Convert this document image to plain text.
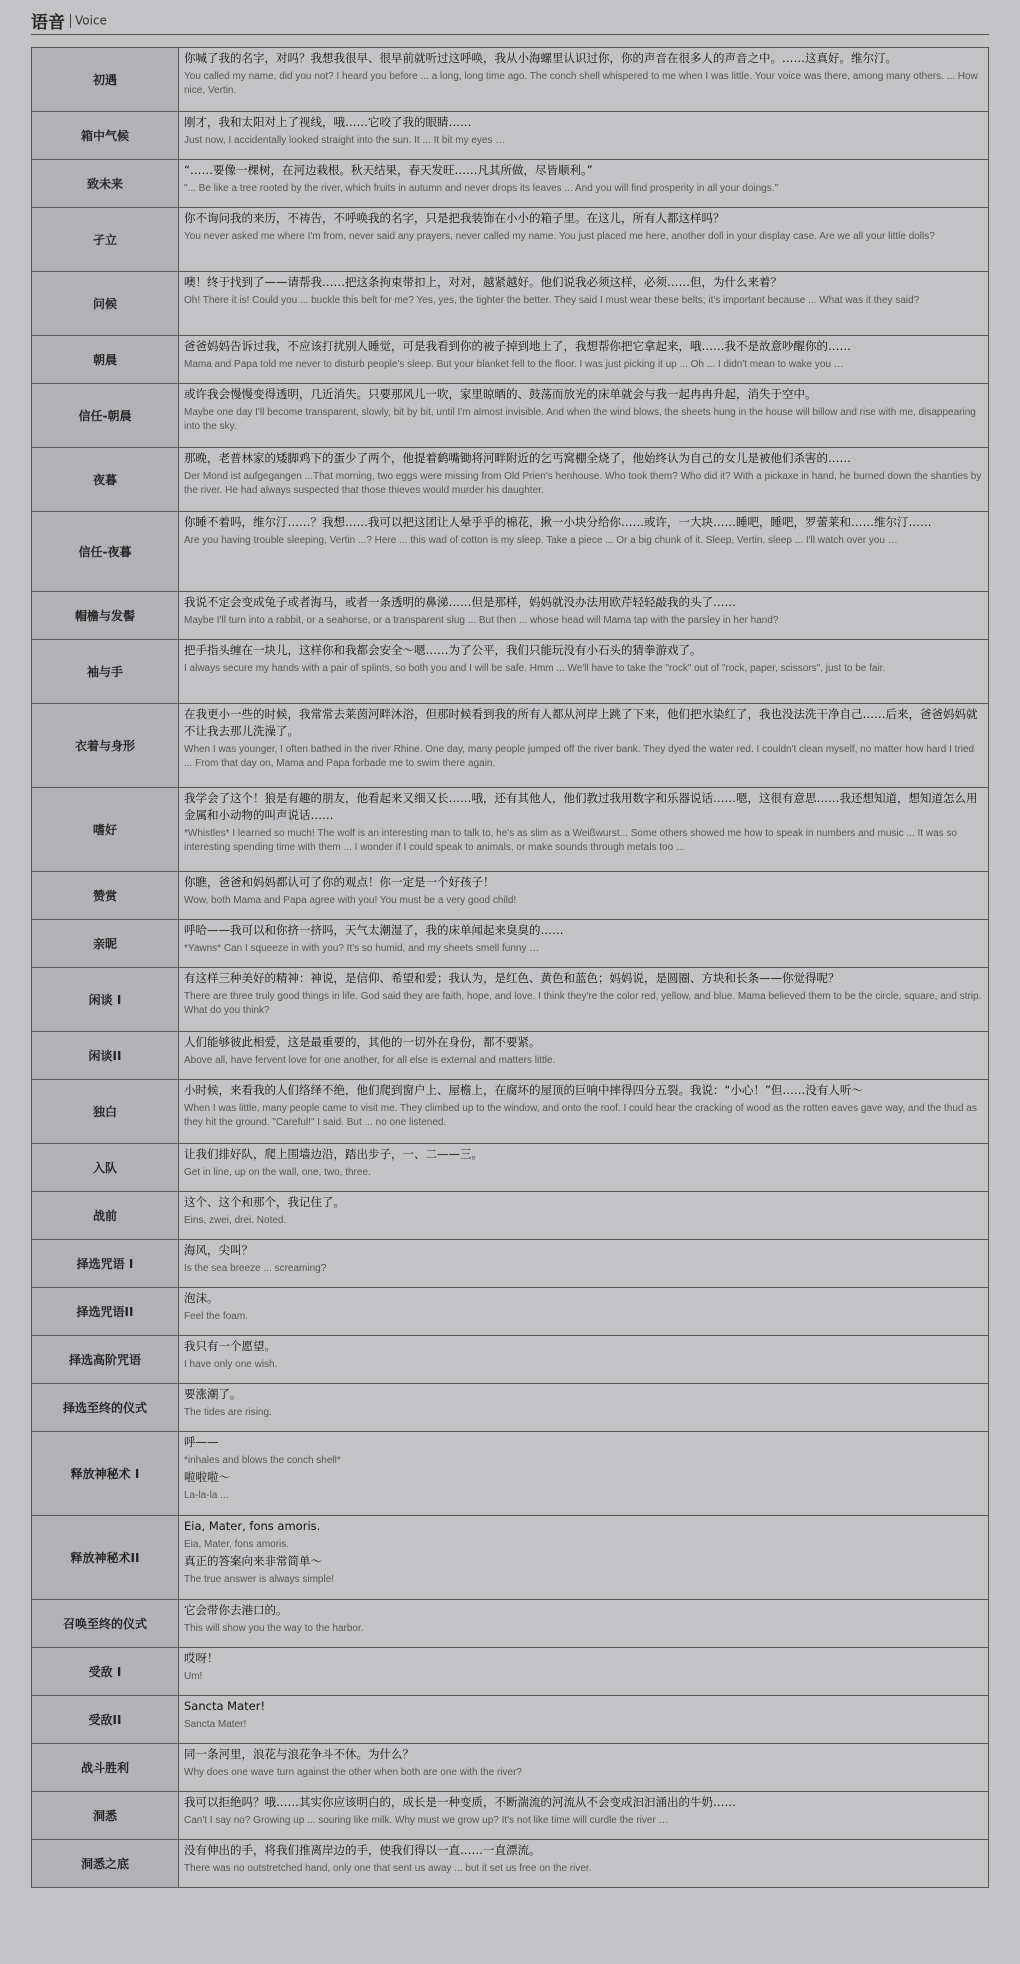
语音 Voice
初遇	你喊了我的名字，对吗？我想我很早、很早前就听过这呼唤，我从小海螺里认识过你，你的声音在很多人的声音之中。……这真好。维尔汀。
You called my name, did you not? I heard you before ... a long, long time ago. The conch shell whispered to me when I was little. Your voice was there, among many others. ... How nice, Vertin.

箱中气候	刚才，我和太阳对上了视线，哦……它咬了我的眼睛……
Just now, I accidentally looked straight into the sun. It ... It bit my eyes …

致未来	“……要像一棵树，在河边栽根。秋天结果，春天发旺……凡其所做，尽皆顺利。”
"... Be like a tree rooted by the river, which fruits in autumn and never drops its leaves ... And you will find prosperity in all your doings."

孑立	你不询问我的来历，不祷告，不呼唤我的名字，只是把我装饰在小小的箱子里。在这儿，所有人都这样吗？
You never asked me where I'm from, never said any prayers, never called my name. You just placed me here, another doll in your display case. Are we all your little dolls?

问候	噢！终于找到了——请帮我……把这条拘束带扣上，对对，越紧越好。他们说我必须这样，必须……但，为什么来着？
Oh! There it is! Could you ... buckle this belt for me? Yes, yes, the tighter the better. They said I must wear these belts; it's important because ... What was it they said?

朝晨	爸爸妈妈告诉过我，不应该打扰别人睡觉，可是我看到你的被子掉到地上了，我想帮你把它拿起来，哦……我不是故意吵醒你的……
Mama and Papa told me never to disturb people's sleep. But your blanket fell to the floor. I was just picking it up ... Oh ... I didn't mean to wake you …

信任-朝晨	或许我会慢慢变得透明，几近消失。只要那风儿一吹，家里晾晒的、鼓荡而放光的床单就会与我一起冉冉升起，消失于空中。
Maybe one day I'll become transparent, slowly, bit by bit, until I'm almost invisible. And when the wind blows, the sheets hung in the house will billow and rise with me, disappearing into the sky.

夜暮	那晚，老普林家的矮脚鸡下的蛋少了两个，他提着鹤嘴锄将河畔附近的乞丐窝棚全烧了，他始终认为自己的女儿是被他们杀害的……
Der Mond ist aufgegangen ...That morning, two eggs were missing from Old Prien's henhouse. Who took them? Who did it? With a pickaxe in hand, he burned down the shanties by the river. He had always suspected that those thieves would murder his daughter.

信任-夜暮	你睡不着吗，维尔汀……？我想……我可以把这团让人晕乎乎的棉花，揪一小块分给你……或许，一大块……睡吧，睡吧，罗蕾莱和……维尔汀……
Are you having trouble sleeping, Vertin ...? Here ... this wad of cotton is my sleep. Take a piece ... Or a big chunk of it. Sleep, Vertin, sleep ... I'll watch over you …

帽檐与发髻	我说不定会变成兔子或者海马，或者一条透明的鼻涕……但是那样，妈妈就没办法用欧芹轻轻敲我的头了……
Maybe I'll turn into a rabbit, or a seahorse, or a transparent slug ... But then ... whose head will Mama tap with the parsley in her hand?

袖与手	把手指头缠在一块儿，这样你和我都会安全～嗯……为了公平，我们只能玩没有小石头的猜拳游戏了。
I always secure my hands with a pair of splints, so both you and I will be safe. Hmm ... We'll have to take the "rock" out of "rock, paper, scissors", just to be fair.

衣着与身形	在我更小一些的时候，我常常去莱茵河畔沐浴，但那时候看到我的所有人都从河岸上跳了下来，他们把水染红了，我也没法洗干净自己……后来，爸爸妈妈就不让我去那儿洗澡了。
When I was younger, I often bathed in the river Rhine. One day, many people jumped off the river bank. They dyed the water red. I couldn't clean myself, no matter how hard I tried ... From that day on, Mama and Papa forbade me to swim there again.

嗜好	我学会了这个！狼是有趣的朋友，他看起来又细又长……哦，还有其他人，他们教过我用数字和乐器说话……嗯，这很有意思……我还想知道，想知道怎么用金属和小动物的叫声说话……
*Whistles* I learned so much! The wolf is an interesting man to talk to, he's as slim as a Weißwurst... Some others showed me how to speak in numbers and music ... It was so interesting spending time with them ... I wonder if I could speak to animals, or make sounds through metals too ...

赞赏	你瞧，爸爸和妈妈都认可了你的观点！你一定是一个好孩子！
Wow, both Mama and Papa agree with you! You must be a very good child!

亲昵	呼哈——我可以和你挤一挤吗，天气太潮湿了，我的床单闻起来臭臭的……
*Yawns* Can I squeeze in with you? It's so humid, and my sheets smell funny …

闲谈 I	有这样三种美好的精神：神说，是信仰、希望和爱；我认为，是红色、黄色和蓝色；妈妈说，是圆圈、方块和长条——你觉得呢？
There are three truly good things in life. God said they are faith, hope, and love. I think they're the color red, yellow, and blue. Mama believed them to be the circle, square, and strip. What do you think?

闲谈II	人们能够彼此相爱，这是最重要的，其他的一切外在身份，都不要紧。
Above all, have fervent love for one another, for all else is external and matters little.

独白	小时候，来看我的人们络绎不绝，他们爬到窗户上、屋檐上，在腐坏的屋顶的巨响中摔得四分五裂。我说：“小心！”但……没有人听～
When I was little, many people came to visit me. They climbed up to the window, and onto the roof. I could hear the cracking of wood as the rotten eaves gave way, and the thud as they hit the ground. "Careful!" I said. But ... no one listened.

入队	让我们排好队，爬上围墙边沿，踏出步子，一、二——三。
Get in line, up on the wall, one, two, three.

战前	这个、这个和那个，我记住了。
Eins, zwei, drei. Noted.

择选咒语 I	海风，尖叫？
Is the sea breeze ... screaming?

择选咒语II	泡沫。
Feel the foam.

择选高阶咒语	我只有一个愿望。
I have only one wish.

择选至终的仪式	要涨潮了。
The tides are rising.

释放神秘术 I	呼——
*inhales and blows the conch shell*
啦啦啦～
La-la-la ...

释放神秘术II	Eia, Mater, fons amoris.
Eia, Mater, fons amoris.
真正的答案向来非常简单～
The true answer is always simple!

召唤至终的仪式	它会带你去港口的。
This will show you the way to the harbor.

受敌 I	哎呀！
Um!

受敌II	Sancta Mater!
Sancta Mater!

战斗胜利	同一条河里，浪花与浪花争斗不休。为什么？
Why does one wave turn against the other when both are one with the river?

洞悉	我可以拒绝吗？哦……其实你应该明白的，成长是一种变质，不断湍流的河流从不会变成汩汩涌出的牛奶……
Can't I say no? Growing up ... souring like milk. Why must we grow up? It's not like time will curdle the river …

洞悉之底	没有伸出的手，将我们推离岸边的手，使我们得以一直……一直漂流。
There was no outstretched hand, only one that sent us away ... but it set us free on the river.
